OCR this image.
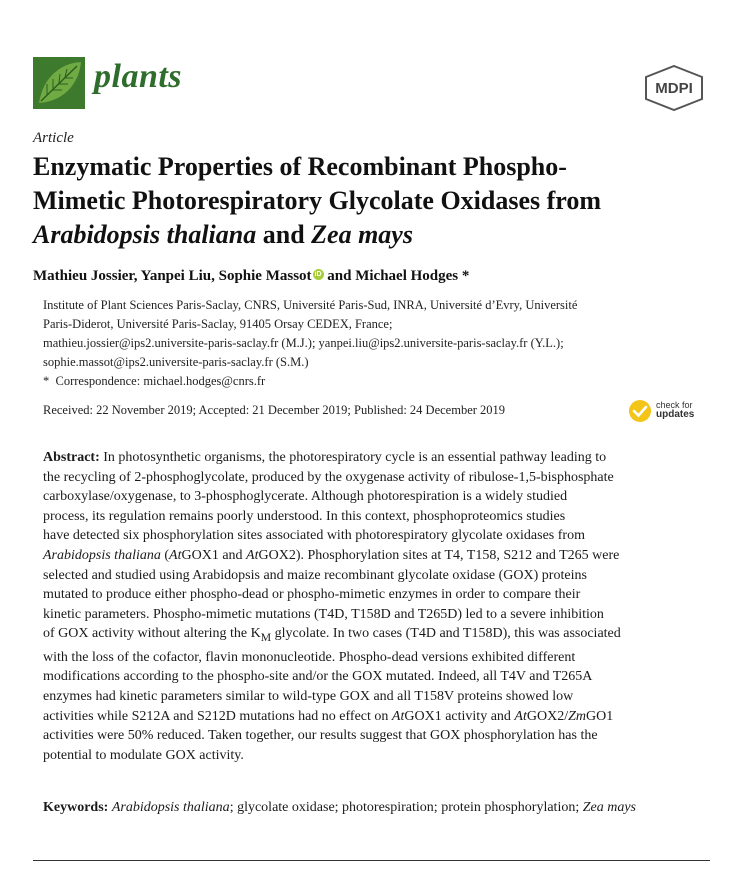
plants	MDPI
Article
Enzymatic Properties of Recombinant Phospho-
Mimetic Photorespiratory Glycolate Oxidases from
Arabidopsis thaliana and Zea mays
Mathieu Jossier, Yanpei Liu, Sophie Massot iD and Michael Hodges *
Institute of Plant Sciences Paris-Saclay, CNRS, Université Paris-Sud, INRA, Université d’Evry, Université
Paris-Diderot, Université Paris-Saclay, 91405 Orsay CEDEX, France;
mathieu.jossier@ips2.universite-paris-saclay.fr (M.J.); yanpei.liu@ips2.universite-paris-saclay.fr (Y.L.);
sophie.massot@ips2.universite-paris-saclay.fr (S.M.)
* Correspondence: michael.hodges@cnrs.fr
Received: 22 November 2019; Accepted: 21 December 2019; Published: 24 December 2019	check for
updates
Abstract: In photosynthetic organisms, the photorespiratory cycle is an essential pathway leading to
the recycling of 2-phosphoglycolate, produced by the oxygenase activity of ribulose-1,5-bisphosphate
carboxylase/oxygenase, to 3-phosphoglycerate. Although photorespiration is a widely studied
process, its regulation remains poorly understood. In this context, phosphoproteomics studies
have detected six phosphorylation sites associated with photorespiratory glycolate oxidases from
Arabidopsis thaliana (AtGOX1 and AtGOX2). Phosphorylation sites at T4, T158, S212 and T265 were
selected and studied using Arabidopsis and maize recombinant glycolate oxidase (GOX) proteins
mutated to produce either phospho-dead or phospho-mimetic enzymes in order to compare their
kinetic parameters. Phospho-mimetic mutations (T4D, T158D and T265D) led to a severe inhibition
of GOX activity without altering the $K_M$ glycolate. In two cases (T4D and T158D), this was associated
with the loss of the cofactor, flavin mononucleotide. Phospho-dead versions exhibited different
modifications according to the phospho-site and/or the GOX mutated. Indeed, all T4V and T265A
enzymes had kinetic parameters similar to wild-type GOX and all T158V proteins showed low
activities while S212A and S212D mutations had no effect on AtGOX1 activity and AtGOX2/ZmGO1
activities were 50% reduced. Taken together, our results suggest that GOX phosphorylation has the
potential to modulate GOX activity.
Keywords: Arabidopsis thaliana; glycolate oxidase; photorespiration; protein phosphorylation; Zea mays
